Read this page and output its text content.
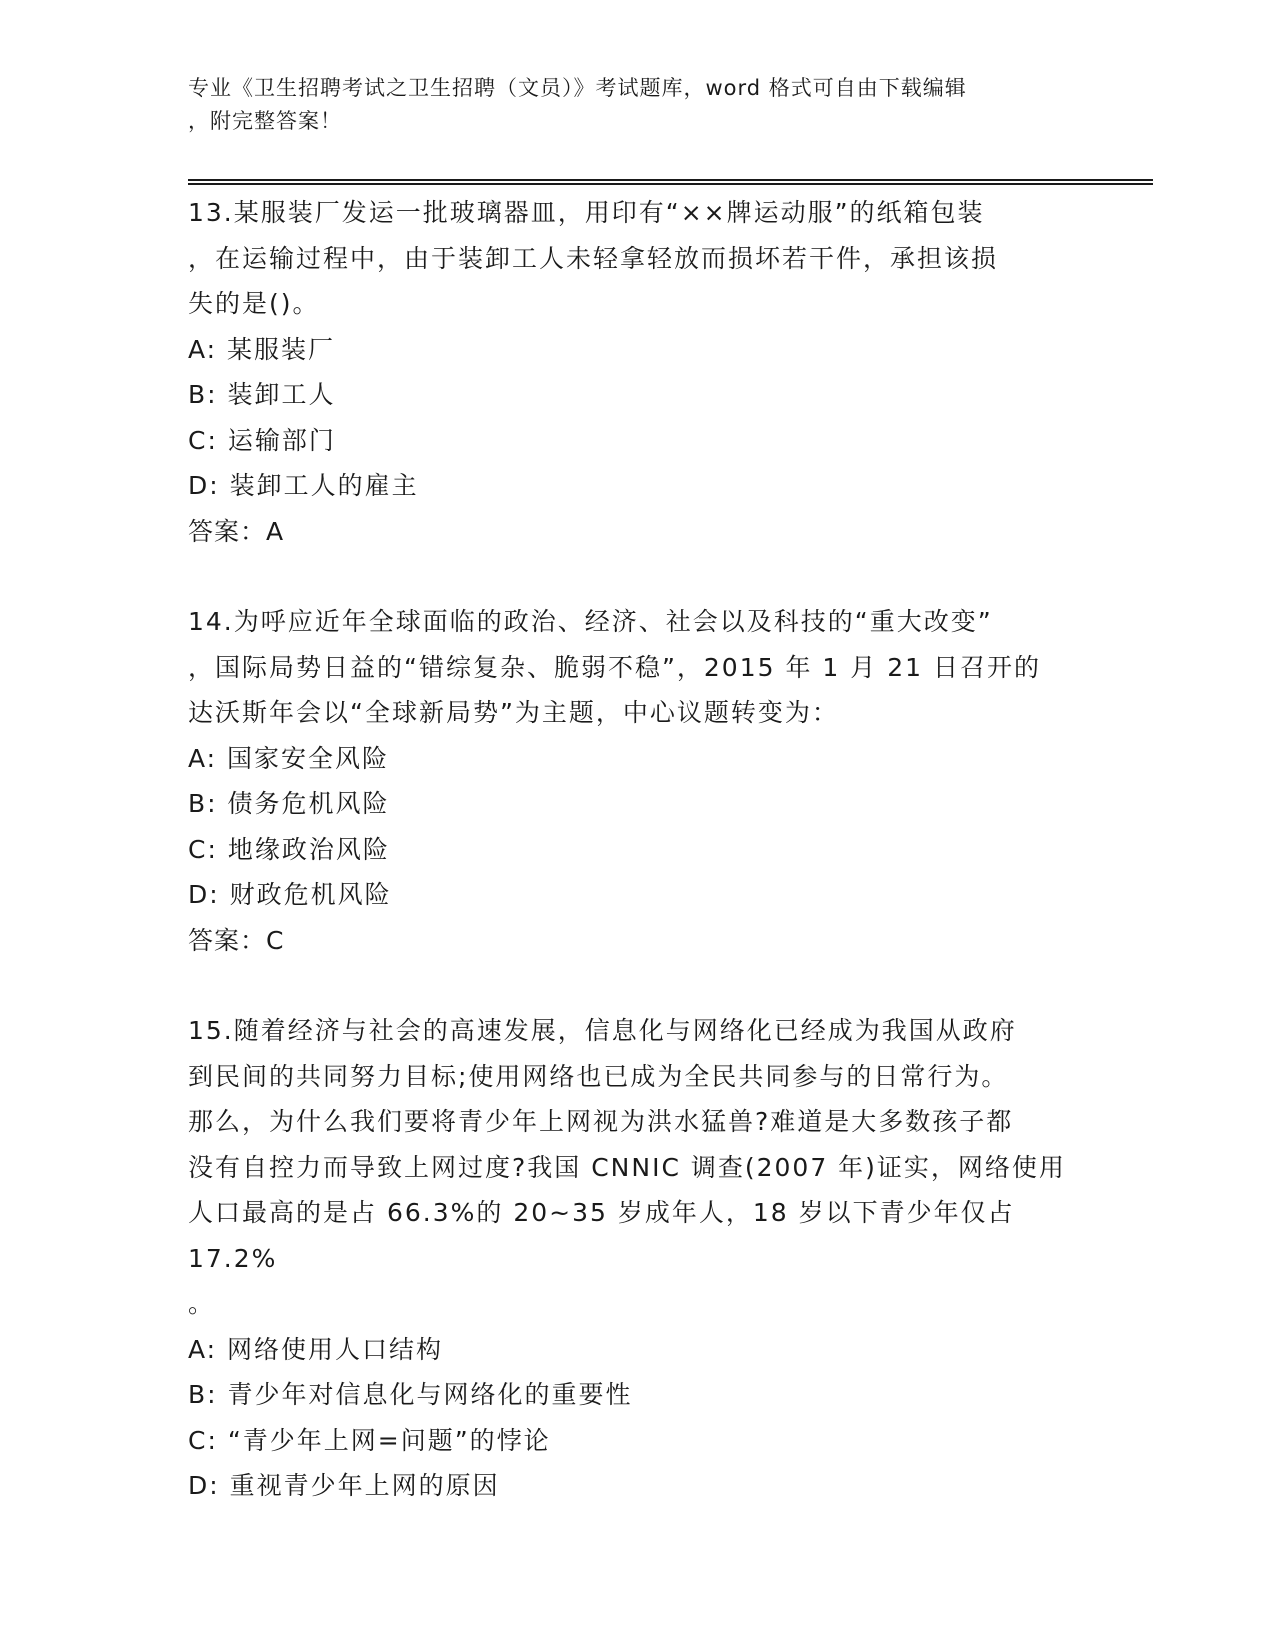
专业《卫生招聘考试之卫生招聘（文员）》考试题库，word 格式可自由下载编辑
，附完整答案！
13.某服装厂发运一批玻璃器皿，用印有“××牌运动服”的纸箱包装
，在运输过程中，由于装卸工人未轻拿轻放而损坏若干件，承担该损
失的是()。
A: 某服装厂
B: 装卸工人
C: 运输部门
D: 装卸工人的雇主
答案：A
14.为呼应近年全球面临的政治、经济、社会以及科技的“重大改变”
，国际局势日益的“错综复杂、脆弱不稳”，2015 年 1 月 21 日召开的
达沃斯年会以“全球新局势”为主题，中心议题转变为：
A: 国家安全风险
B: 债务危机风险
C: 地缘政治风险
D: 财政危机风险
答案：C
15.随着经济与社会的高速发展，信息化与网络化已经成为我国从政府
到民间的共同努力目标;使用网络也已成为全民共同参与的日常行为。
那么，为什么我们要将青少年上网视为洪水猛兽?难道是大多数孩子都
没有自控力而导致上网过度?我国 CNNIC 调查(2007 年)证实，网络使用
人口最高的是占 66.3%的 20~35 岁成年人，18 岁以下青少年仅占 17.2%
。
A: 网络使用人口结构
B: 青少年对信息化与网络化的重要性
C: “青少年上网=问题”的悖论
D: 重视青少年上网的原因
